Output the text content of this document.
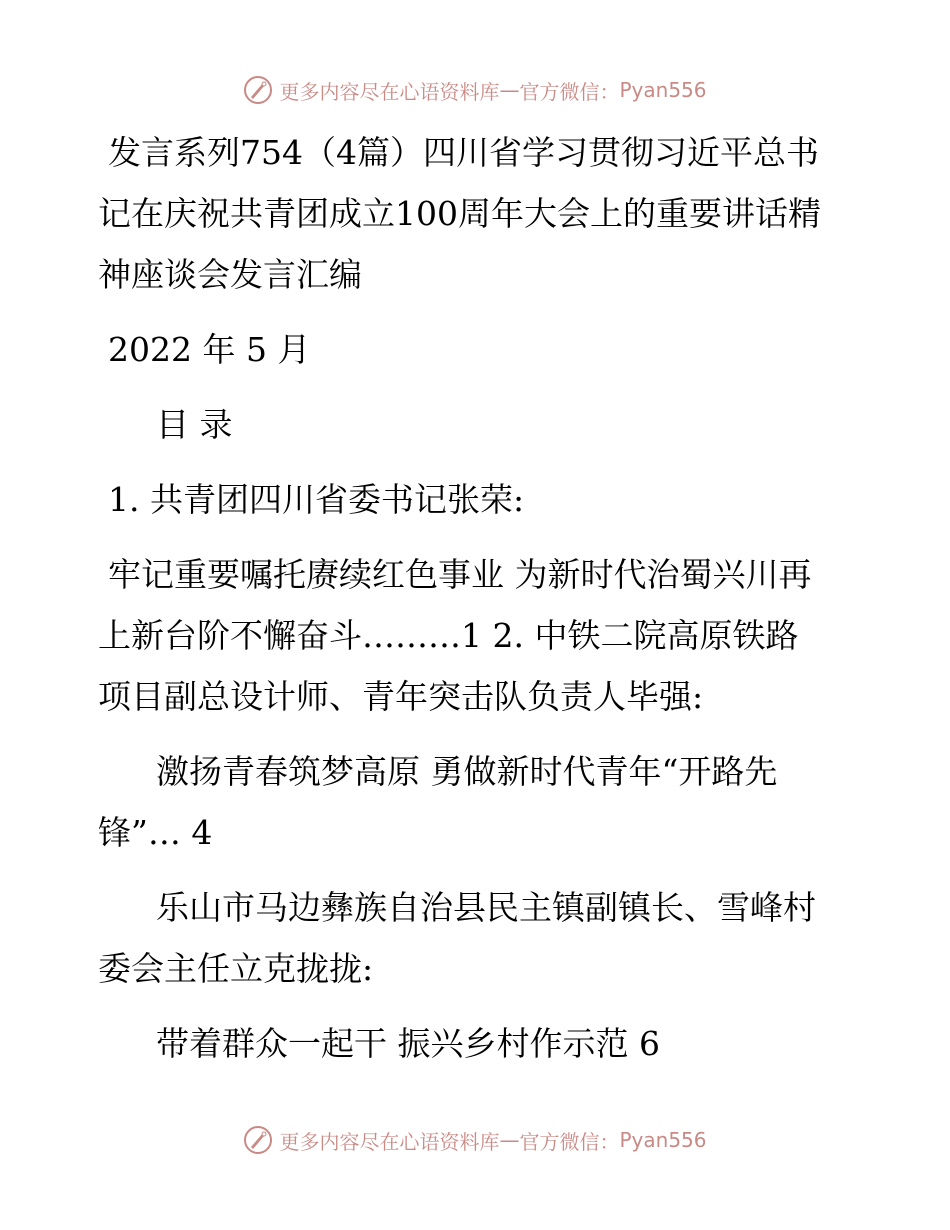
更多内容尽在心语资料库 — 官方微信： Pyan556

发言系列754（4篇）四川省学习贯彻习近平总书

记在庆祝共青团成立100周年大会上的重要讲话精

神座谈会发言汇编

2022 年 5 月

目 录

1. 共青团四川省委书记张荣:

牢记重要嘱托赓续红色事业 为新时代治蜀兴川再

上新台阶不懈奋斗………1 2. 中铁二院高原铁路

项目副总设计师、青年突击队负责人毕强:

激扬青春筑梦高原 勇做新时代青年“开路先

锋”… 4

乐山市马边彝族自治县民主镇副镇长、雪峰村

委会主任立克拢拢:

带着群众一起干 振兴乡村作示范 6

更多内容尽在心语资料库 — 官方微信： Pyan556
